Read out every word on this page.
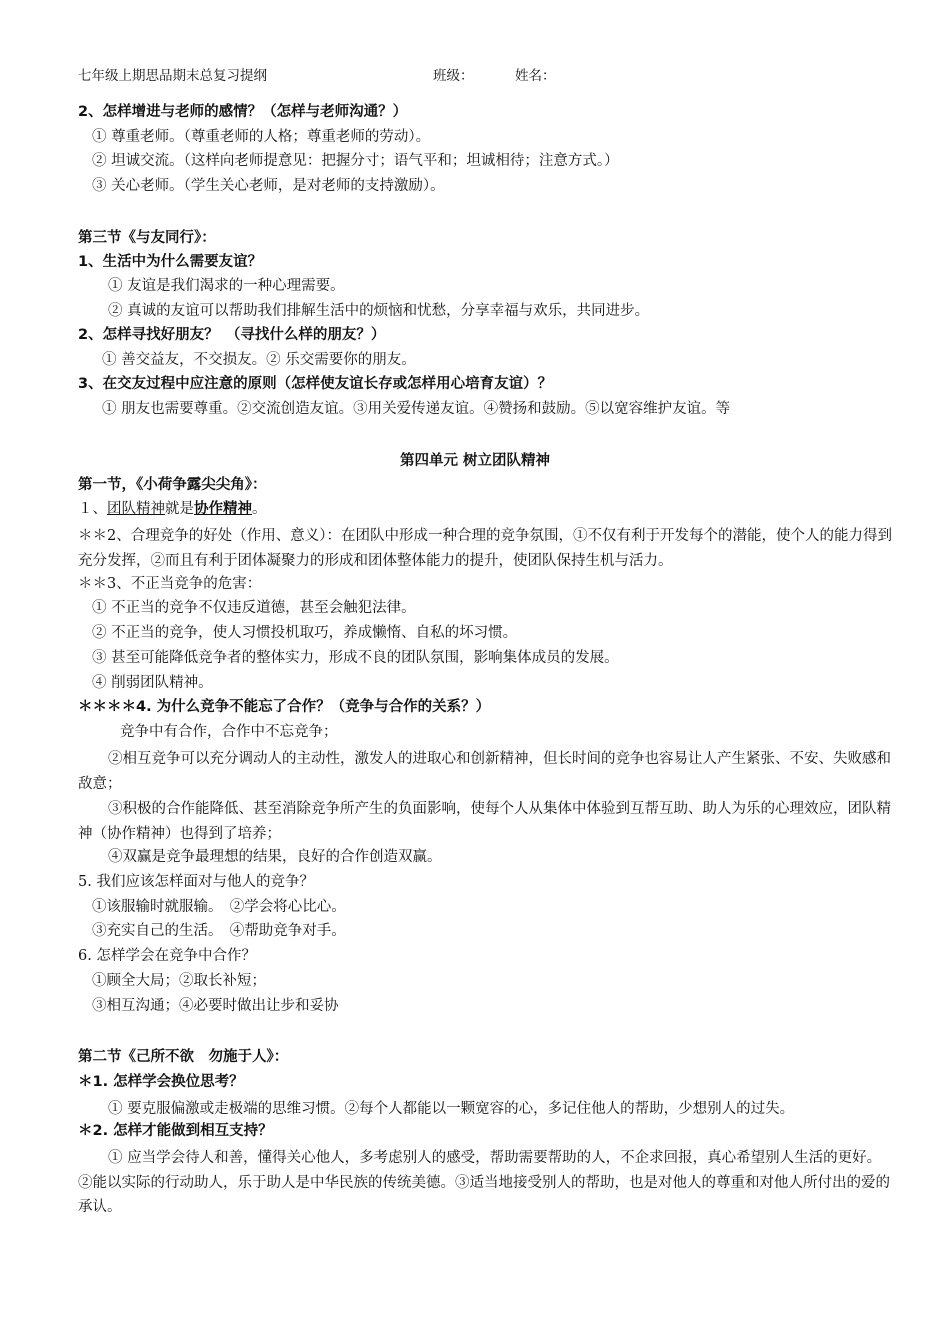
七年级上期思品期末总复习提纲	班级：	姓名：
2、怎样增进与老师的感情？（怎样与老师沟通？）
① 尊重老师。（尊重老师的人格；尊重老师的劳动）。
② 坦诚交流。（这样向老师提意见：把握分寸；语气平和；坦诚相待；注意方式。）
③ 关心老师。（学生关心老师，是对老师的支持激励）。
第三节《与友同行》：
1、生活中为什么需要友谊？
① 友谊是我们渴求的一种心理需要。
② 真诚的友谊可以帮助我们排解生活中的烦恼和忧愁，分享幸福与欢乐，共同进步。
2、怎样寻找好朋友？　（寻找什么样的朋友？）
① 善交益友，不交损友。② 乐交需要你的朋友。
3、在交友过程中应注意的原则（怎样使友谊长存或怎样用心培育友谊）？
① 朋友也需要尊重。②交流创造友谊。③用关爱传递友谊。④赞扬和鼓励。⑤以宽容维护友谊。等
第四单元 树立团队精神
第一节，《小荷争露尖尖角》：
１、团队精神就是协作精神。
＊＊2、合理竞争的好处（作用、意义）：在团队中形成一种合理的竞争氛围，①不仅有利于开发每个的潜能，使个人的能力得到充分发挥，②而且有利于团体凝聚力的形成和团体整体能力的提升，使团队保持生机与活力。
＊＊3、不正当竞争的危害：
① 不正当的竞争不仅违反道德，甚至会触犯法律。
② 不正当的竞争，使人习惯投机取巧，养成懒惰、自私的坏习惯。
③ 甚至可能降低竞争者的整体实力，形成不良的团队氛围，影响集体成员的发展。
④ 削弱团队精神。
＊＊＊＊4. 为什么竞争不能忘了合作？（竞争与合作的关系？）
竞争中有合作，合作中不忘竞争；
②相互竞争可以充分调动人的主动性，激发人的进取心和创新精神，但长时间的竞争也容易让人产生紧张、不安、失败感和敌意；
③积极的合作能降低、甚至消除竞争所产生的负面影响，使每个人从集体中体验到互帮互助、助人为乐的心理效应，团队精神（协作精神）也得到了培养；
④双赢是竞争最理想的结果，良好的合作创造双赢。
5. 我们应该怎样面对与他人的竞争？
①该服输时就服输。　②学会将心比心。
③充实自己的生活。　④帮助竞争对手。
6. 怎样学会在竞争中合作？
①顾全大局；②取长补短；
③相互沟通；④必要时做出让步和妥协
第二节《己所不欲　勿施于人》：
＊1. 怎样学会换位思考？
① 要克服偏激或走极端的思维习惯。②每个人都能以一颗宽容的心，多记住他人的帮助，少想别人的过失。
＊2. 怎样才能做到相互支持？
① 应当学会待人和善，懂得关心他人，多考虑别人的感受，帮助需要帮助的人，不企求回报，真心希望别人生活的更好。②能以实际的行动助人，乐于助人是中华民族的传统美德。③适当地接受别人的帮助，也是对他人的尊重和对他人所付出的爱的承认。
